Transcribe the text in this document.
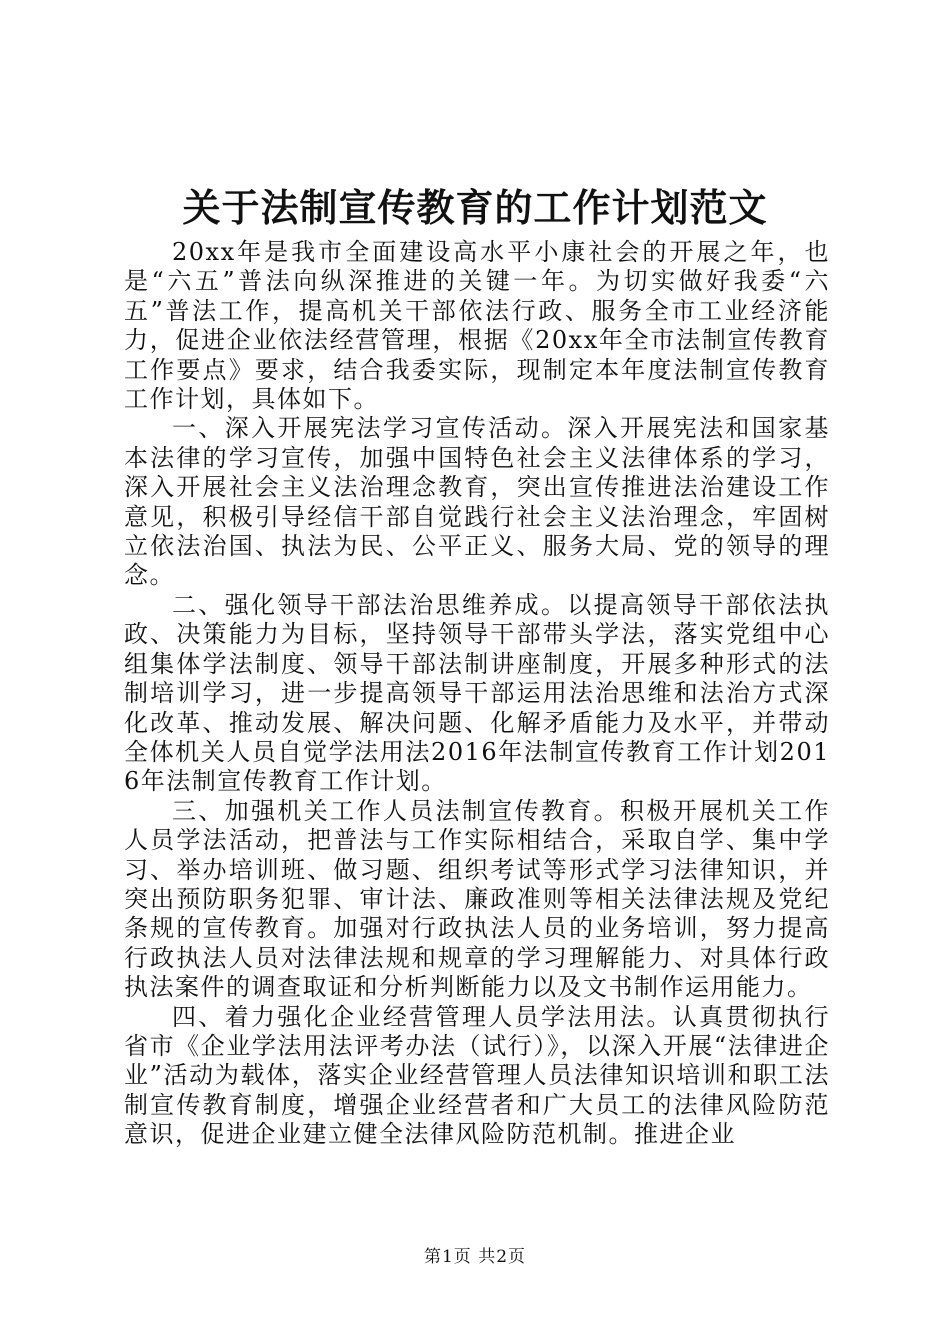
关于法制宣传教育的工作计划范文

20xx年是我市全面建设高水平小康社会的开展之年，也是“六五”普法向纵深推进的关键一年。为切实做好我委“六五”普法工作，提高机关干部依法行政、服务全市工业经济能力，促进企业依法经营管理，根据《20xx年全市法制宣传教育工作要点》要求，结合我委实际，现制定本年度法制宣传教育工作计划，具体如下。

一、深入开展宪法学习宣传活动。深入开展宪法和国家基本法律的学习宣传，加强中国特色社会主义法律体系的学习，深入开展社会主义法治理念教育，突出宣传推进法治建设工作意见，积极引导经信干部自觉践行社会主义法治理念，牢固树立依法治国、执法为民、公平正义、服务大局、党的领导的理念。

二、强化领导干部法治思维养成。以提高领导干部依法执政、决策能力为目标，坚持领导干部带头学法，落实党组中心组集体学法制度、领导干部法制讲座制度，开展多种形式的法制培训学习，进一步提高领导干部运用法治思维和法治方式深化改革、推动发展、解决问题、化解矛盾能力及水平，并带动全体机关人员自觉学法用法2016年法制宣传教育工作计划2016年法制宣传教育工作计划。

三、加强机关工作人员法制宣传教育。积极开展机关工作人员学法活动，把普法与工作实际相结合，采取自学、集中学习、举办培训班、做习题、组织考试等形式学习法律知识，并突出预防职务犯罪、审计法、廉政准则等相关法律法规及党纪条规的宣传教育。加强对行政执法人员的业务培训，努力提高行政执法人员对法律法规和规章的学习理解能力、对具体行政执法案件的调查取证和分析判断能力以及文书制作运用能力。

四、着力强化企业经营管理人员学法用法。认真贯彻执行省市《企业学法用法评考办法（试行）》，以深入开展“法律进企业”活动为载体，落实企业经营管理人员法律知识培训和职工法制宣传教育制度，增强企业经营者和广大员工的法律风险防范意识，促进企业建立健全法律风险防范机制。推进企业

第1页 共2页
